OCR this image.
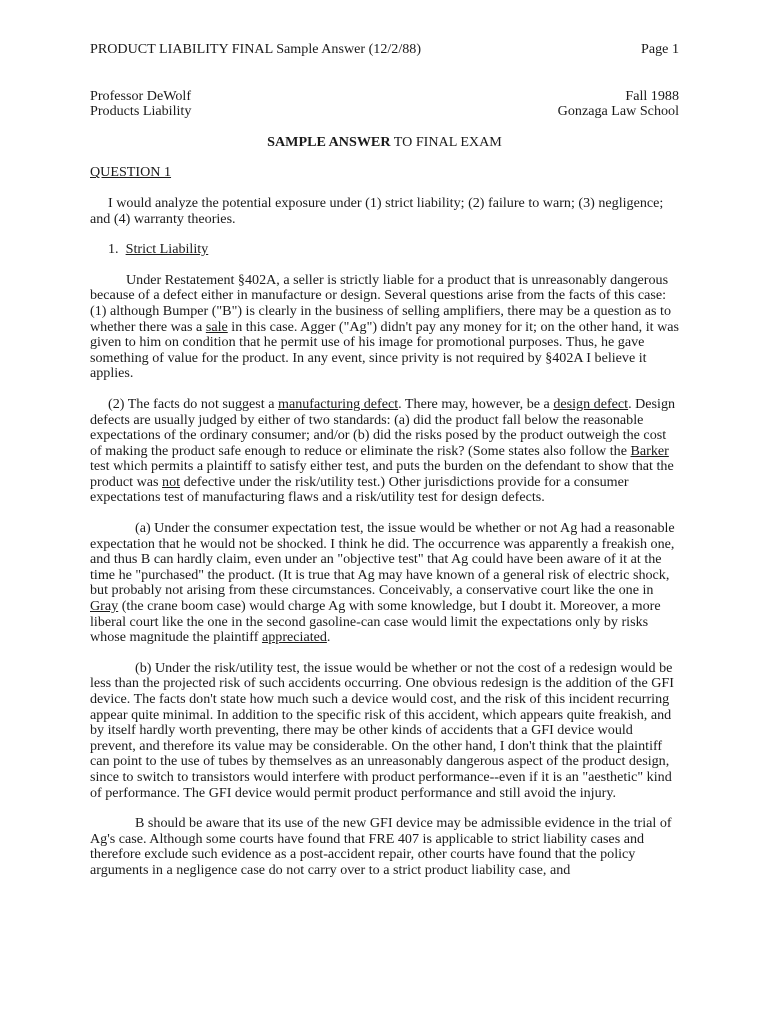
PRODUCT LIABILITY FINAL Sample Answer (12/2/88)	Page 1
Professor DeWolf	Fall 1988
Products Liability	Gonzaga Law School

SAMPLE ANSWER TO FINAL EXAM

QUESTION 1

I would analyze the potential exposure under (1) strict liability; (2) failure to warn; (3) negligence; and (4) warranty theories.

1. Strict Liability

Under Restatement §402A, a seller is strictly liable for a product that is unreasonably dangerous because of a defect either in manufacture or design. Several questions arise from the facts of this case: (1) although Bumper ("B") is clearly in the business of selling amplifiers, there may be a question as to whether there was a sale in this case. Agger ("Ag") didn't pay any money for it; on the other hand, it was given to him on condition that he permit use of his image for promotional purposes. Thus, he gave something of value for the product. In any event, since privity is not required by §402A I believe it applies.

(2) The facts do not suggest a manufacturing defect. There may, however, be a design defect. Design defects are usually judged by either of two standards: (a) did the product fall below the reasonable expectations of the ordinary consumer; and/or (b) did the risks posed by the product outweigh the cost of making the product safe enough to reduce or eliminate the risk? (Some states also follow the Barker test which permits a plaintiff to satisfy either test, and puts the burden on the defendant to show that the product was not defective under the risk/utility test.) Other jurisdictions provide for a consumer expectations test of manufacturing flaws and a risk/utility test for design defects.

(a) Under the consumer expectation test, the issue would be whether or not Ag had a reasonable expectation that he would not be shocked. I think he did. The occurrence was apparently a freakish one, and thus B can hardly claim, even under an "objective test" that Ag could have been aware of it at the time he "purchased" the product. (It is true that Ag may have known of a general risk of electric shock, but probably not arising from these circumstances. Conceivably, a conservative court like the one in Gray (the crane boom case) would charge Ag with some knowledge, but I doubt it. Moreover, a more liberal court like the one in the second gasoline-can case would limit the expectations only by risks whose magnitude the plaintiff appreciated.

(b) Under the risk/utility test, the issue would be whether or not the cost of a redesign would be less than the projected risk of such accidents occurring. One obvious redesign is the addition of the GFI device. The facts don't state how much such a device would cost, and the risk of this incident recurring appear quite minimal. In addition to the specific risk of this accident, which appears quite freakish, and by itself hardly worth preventing, there may be other kinds of accidents that a GFI device would prevent, and therefore its value may be considerable. On the other hand, I don't think that the plaintiff can point to the use of tubes by themselves as an unreasonably dangerous aspect of the product design, since to switch to transistors would interfere with product performance--even if it is an "aesthetic" kind of performance. The GFI device would permit product performance and still avoid the injury.

B should be aware that its use of the new GFI device may be admissible evidence in the trial of Ag's case. Although some courts have found that FRE 407 is applicable to strict liability cases and therefore exclude such evidence as a post-accident repair, other courts have found that the policy arguments in a negligence case do not carry over to a strict product liability case, and
